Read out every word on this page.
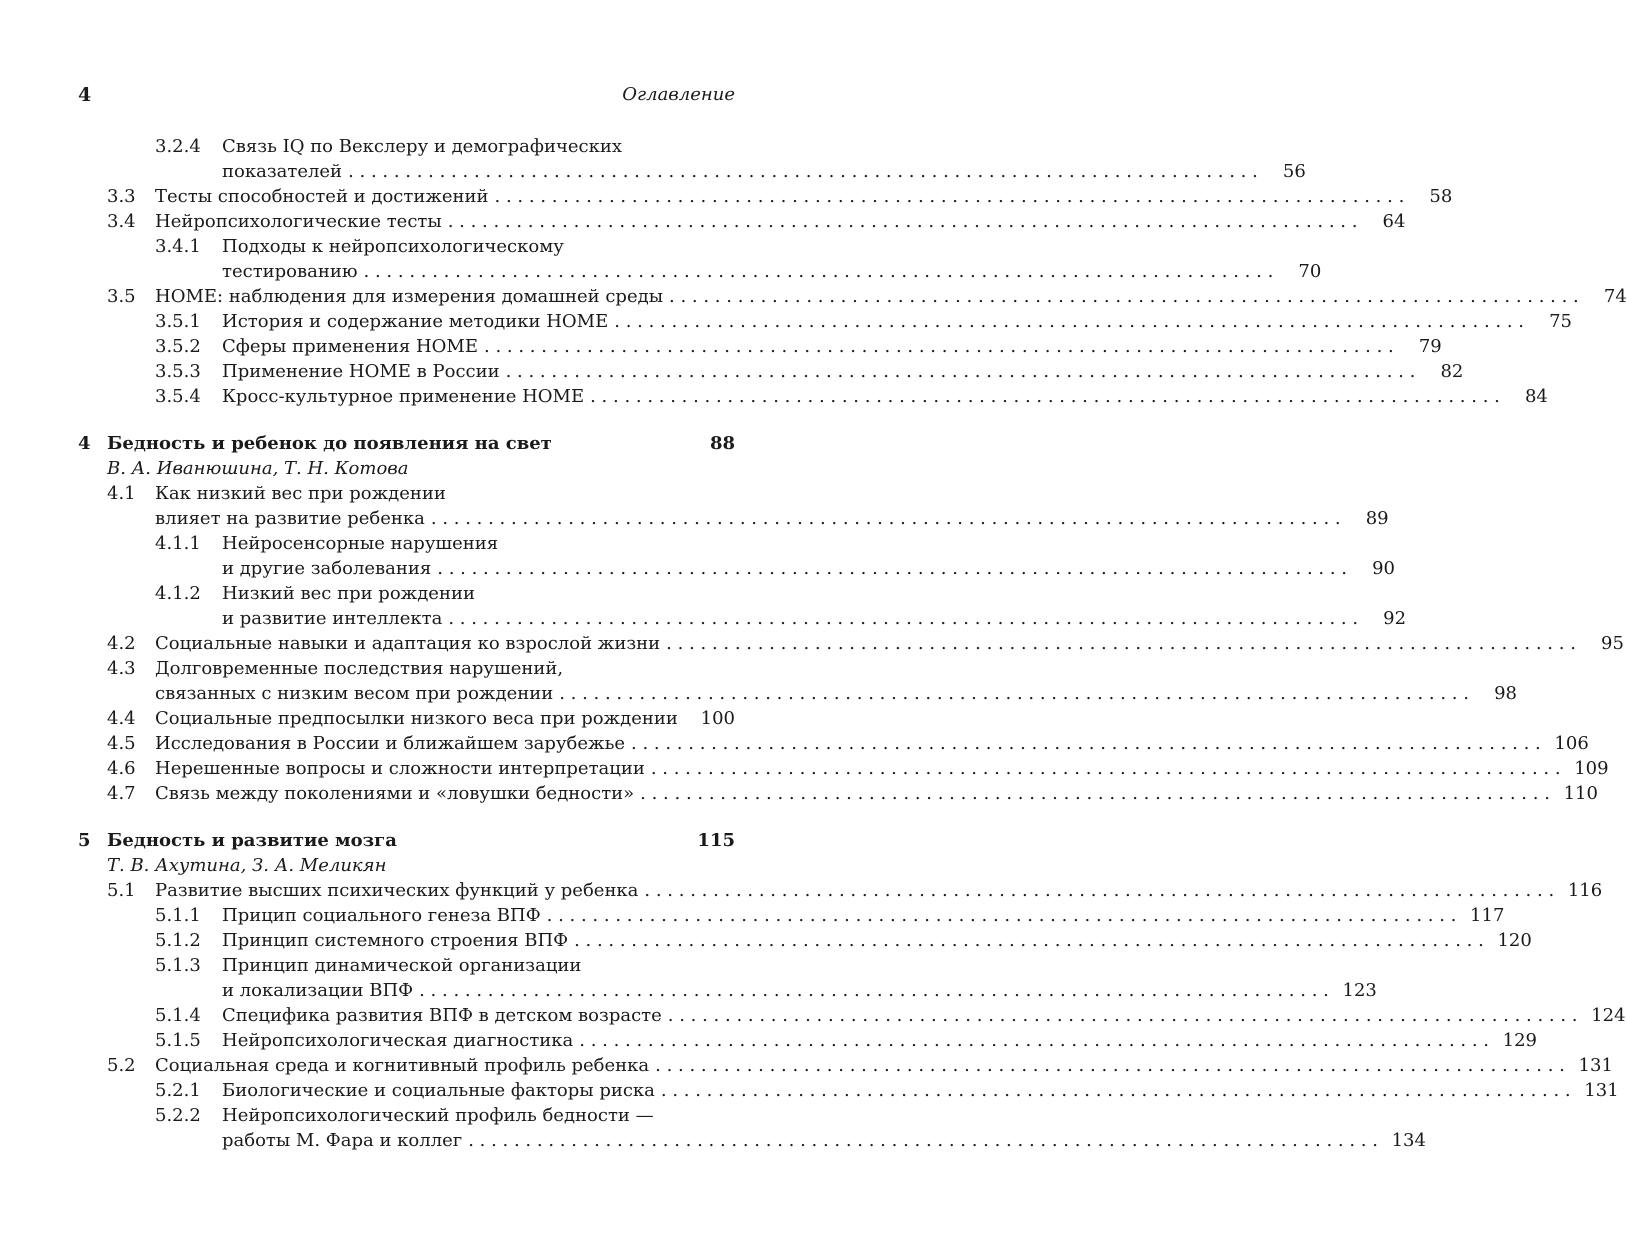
4	Оглавление
3.2.4 Связь IQ по Векслеру и демографических
показателей . . . . . . . . . . . . . . . . . . . . . . . . . . . . . . . . . . . . . . . . . . . . . . . . . . . . . . . . . . . . . . . . . . . . . . . . . . . . . . . .	56
3.3 Тесты способностей и достижений . . . . . . . . . . . . . . . . . . . . . . . . . . . . . . . . . . . . . . . . . . . . . . . . . . . . . . . . . . . . . . . . . . . . . . . . . . . . . . . .	58
3.4 Нейропсихологические тесты . . . . . . . . . . . . . . . . . . . . . . . . . . . . . . . . . . . . . . . . . . . . . . . . . . . . . . . . . . . . . . . . . . . . . . . . . . . . . . . .	64
3.4.1 Подходы к нейропсихологическому
тестированию . . . . . . . . . . . . . . . . . . . . . . . . . . . . . . . . . . . . . . . . . . . . . . . . . . . . . . . . . . . . . . . . . . . . . . . . . . . . . . . .	70
3.5 HOME: наблюдения для измерения домашней среды . . . . . . . . . . . . . . . . . . . . . . . . . . . . . . . . . . . . . . . . . . . . . . . . . . . . . . . . . . . . . . . . . . . . . . . . . . . . . . . .	74
3.5.1 История и содержание методики HOME . . . . . . . . . . . . . . . . . . . . . . . . . . . . . . . . . . . . . . . . . . . . . . . . . . . . . . . . . . . . . . . . . . . . . . . . . . . . . . . .	75
3.5.2 Сферы применения HOME . . . . . . . . . . . . . . . . . . . . . . . . . . . . . . . . . . . . . . . . . . . . . . . . . . . . . . . . . . . . . . . . . . . . . . . . . . . . . . . .	79
3.5.3 Применение HOME в России . . . . . . . . . . . . . . . . . . . . . . . . . . . . . . . . . . . . . . . . . . . . . . . . . . . . . . . . . . . . . . . . . . . . . . . . . . . . . . . .	82
3.5.4 Кросс-культурное применение HOME . . . . . . . . . . . . . . . . . . . . . . . . . . . . . . . . . . . . . . . . . . . . . . . . . . . . . . . . . . . . . . . . . . . . . . . . . . . . . . . .	84
4 Бедность и ребенок до появления на свет	88
В. А. Иванюшина, Т. Н. Котова
4.1 Как низкий вес при рождении
влияет на развитие ребенка . . . . . . . . . . . . . . . . . . . . . . . . . . . . . . . . . . . . . . . . . . . . . . . . . . . . . . . . . . . . . . . . . . . . . . . . . . . . . . . .	89
4.1.1 Нейросенсорные нарушения
и другие заболевания . . . . . . . . . . . . . . . . . . . . . . . . . . . . . . . . . . . . . . . . . . . . . . . . . . . . . . . . . . . . . . . . . . . . . . . . . . . . . . . .	90
4.1.2 Низкий вес при рождении
и развитие интеллекта . . . . . . . . . . . . . . . . . . . . . . . . . . . . . . . . . . . . . . . . . . . . . . . . . . . . . . . . . . . . . . . . . . . . . . . . . . . . . . . .	92
4.2 Социальные навыки и адаптация ко взрослой жизни . . . . . . . . . . . . . . . . . . . . . . . . . . . . . . . . . . . . . . . . . . . . . . . . . . . . . . . . . . . . . . . . . . . . . . . . . . . . . . . .	95
4.3 Долговременные последствия нарушений,
связанных с низким весом при рождении . . . . . . . . . . . . . . . . . . . . . . . . . . . . . . . . . . . . . . . . . . . . . . . . . . . . . . . . . . . . . . . . . . . . . . . . . . . . . . . .	98
4.4 Социальные предпосылки низкого веса при рождении	100
4.5 Исследования в России и ближайшем зарубежье . . . . . . . . . . . . . . . . . . . . . . . . . . . . . . . . . . . . . . . . . . . . . . . . . . . . . . . . . . . . . . . . . . . . . . . . . . . . . . . . 106
4.6 Нерешенные вопросы и сложности интерпретации . . . . . . . . . . . . . . . . . . . . . . . . . . . . . . . . . . . . . . . . . . . . . . . . . . . . . . . . . . . . . . . . . . . . . . . . . . . . . . . . 109
4.7 Связь между поколениями и «ловушки бедности» . . . . . . . . . . . . . . . . . . . . . . . . . . . . . . . . . . . . . . . . . . . . . . . . . . . . . . . . . . . . . . . . . . . . . . . . . . . . . . . . 110
5 Бедность и развитие мозга	115
Т. В. Ахутина, З. А. Меликян
5.1 Развитие высших психических функций у ребенка . . . . . . . . . . . . . . . . . . . . . . . . . . . . . . . . . . . . . . . . . . . . . . . . . . . . . . . . . . . . . . . . . . . . . . . . . . . . . . . . 116
5.1.1 Прицип социального генеза ВПФ . . . . . . . . . . . . . . . . . . . . . . . . . . . . . . . . . . . . . . . . . . . . . . . . . . . . . . . . . . . . . . . . . . . . . . . . . . . . . . . . 117
5.1.2 Принцип системного строения ВПФ . . . . . . . . . . . . . . . . . . . . . . . . . . . . . . . . . . . . . . . . . . . . . . . . . . . . . . . . . . . . . . . . . . . . . . . . . . . . . . . . 120
5.1.3 Принцип динамической организации
и локализации ВПФ . . . . . . . . . . . . . . . . . . . . . . . . . . . . . . . . . . . . . . . . . . . . . . . . . . . . . . . . . . . . . . . . . . . . . . . . . . . . . . . . 123
5.1.4 Специфика развития ВПФ в детском возрасте . . . . . . . . . . . . . . . . . . . . . . . . . . . . . . . . . . . . . . . . . . . . . . . . . . . . . . . . . . . . . . . . . . . . . . . . . . . . . . . . 124
5.1.5 Нейропсихологическая диагностика . . . . . . . . . . . . . . . . . . . . . . . . . . . . . . . . . . . . . . . . . . . . . . . . . . . . . . . . . . . . . . . . . . . . . . . . . . . . . . . . 129
5.2 Социальная среда и когнитивный профиль ребенка . . . . . . . . . . . . . . . . . . . . . . . . . . . . . . . . . . . . . . . . . . . . . . . . . . . . . . . . . . . . . . . . . . . . . . . . . . . . . . . . 131
5.2.1 Биологические и социальные факторы риска . . . . . . . . . . . . . . . . . . . . . . . . . . . . . . . . . . . . . . . . . . . . . . . . . . . . . . . . . . . . . . . . . . . . . . . . . . . . . . . . 131
5.2.2 Нейропсихологический профиль бедности —
работы М. Фара и коллег . . . . . . . . . . . . . . . . . . . . . . . . . . . . . . . . . . . . . . . . . . . . . . . . . . . . . . . . . . . . . . . . . . . . . . . . . . . . . . . . 134
